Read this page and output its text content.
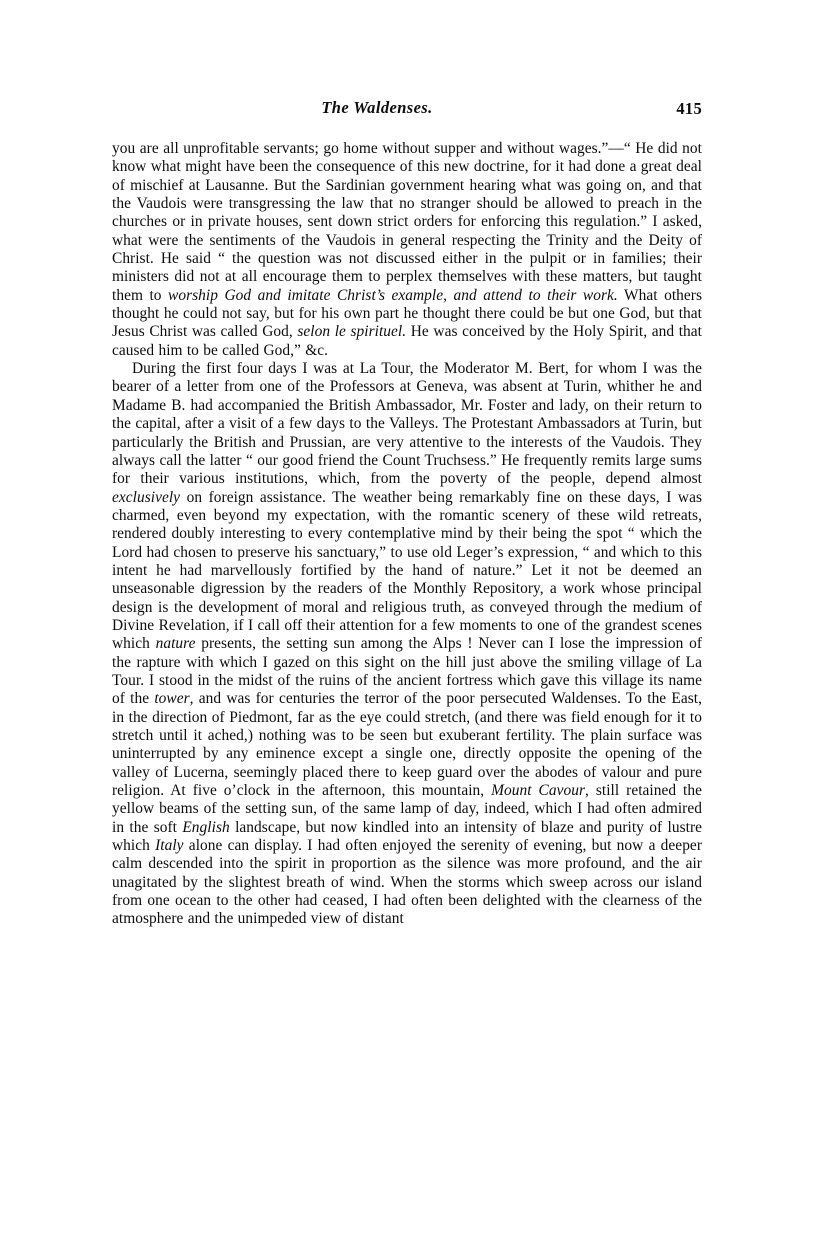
The Waldenses.	415

you are all unprofitable servants; go home without supper and without wages.”—“ He did not know what might have been the consequence of this new doctrine, for it had done a great deal of mischief at Lausanne. But the Sardinian government hearing what was going on, and that the Vaudois were transgressing the law that no stranger should be allowed to preach in the churches or in private houses, sent down strict orders for enforcing this regulation.” I asked, what were the sentiments of the Vaudois in general respecting the Trinity and the Deity of Christ. He said “ the question was not discussed either in the pulpit or in families; their ministers did not at all encourage them to perplex themselves with these matters, but taught them to worship God and imitate Christ’s example, and attend to their work. What others thought he could not say, but for his own part he thought there could be but one God, but that Jesus Christ was called God, selon le spirituel. He was conceived by the Holy Spirit, and that caused him to be called God,” &c.

During the first four days I was at La Tour, the Moderator M. Bert, for whom I was the bearer of a letter from one of the Professors at Geneva, was absent at Turin, whither he and Madame B. had accompanied the British Ambassador, Mr. Foster and lady, on their return to the capital, after a visit of a few days to the Valleys. The Protestant Ambassadors at Turin, but particularly the British and Prussian, are very attentive to the interests of the Vaudois. They always call the latter “ our good friend the Count Truchsess.” He frequently remits large sums for their various institutions, which, from the poverty of the people, depend almost exclusively on foreign assistance. The weather being remarkably fine on these days, I was charmed, even beyond my expectation, with the romantic scenery of these wild retreats, rendered doubly interesting to every contemplative mind by their being the spot “ which the Lord had chosen to preserve his sanctuary,” to use old Leger’s expression, “ and which to this intent he had marvellously fortified by the hand of nature.” Let it not be deemed an unseasonable digression by the readers of the Monthly Repository, a work whose principal design is the development of moral and religious truth, as conveyed through the medium of Divine Revelation, if I call off their attention for a few moments to one of the grandest scenes which nature presents, the setting sun among the Alps ! Never can I lose the impression of the rapture with which I gazed on this sight on the hill just above the smiling village of La Tour. I stood in the midst of the ruins of the ancient fortress which gave this village its name of the tower, and was for centuries the terror of the poor persecuted Waldenses. To the East, in the direction of Piedmont, far as the eye could stretch, (and there was field enough for it to stretch until it ached,) nothing was to be seen but exuberant fertility. The plain surface was uninterrupted by any eminence except a single one, directly opposite the opening of the valley of Lucerna, seemingly placed there to keep guard over the abodes of valour and pure religion. At five o’clock in the afternoon, this mountain, Mount Cavour, still retained the yellow beams of the setting sun, of the same lamp of day, indeed, which I had often admired in the soft English landscape, but now kindled into an intensity of blaze and purity of lustre which Italy alone can display. I had often enjoyed the serenity of evening, but now a deeper calm descended into the spirit in proportion as the silence was more profound, and the air unagitated by the slightest breath of wind. When the storms which sweep across our island from one ocean to the other had ceased, I had often been delighted with the clearness of the atmosphere and the unimpeded view of distant
